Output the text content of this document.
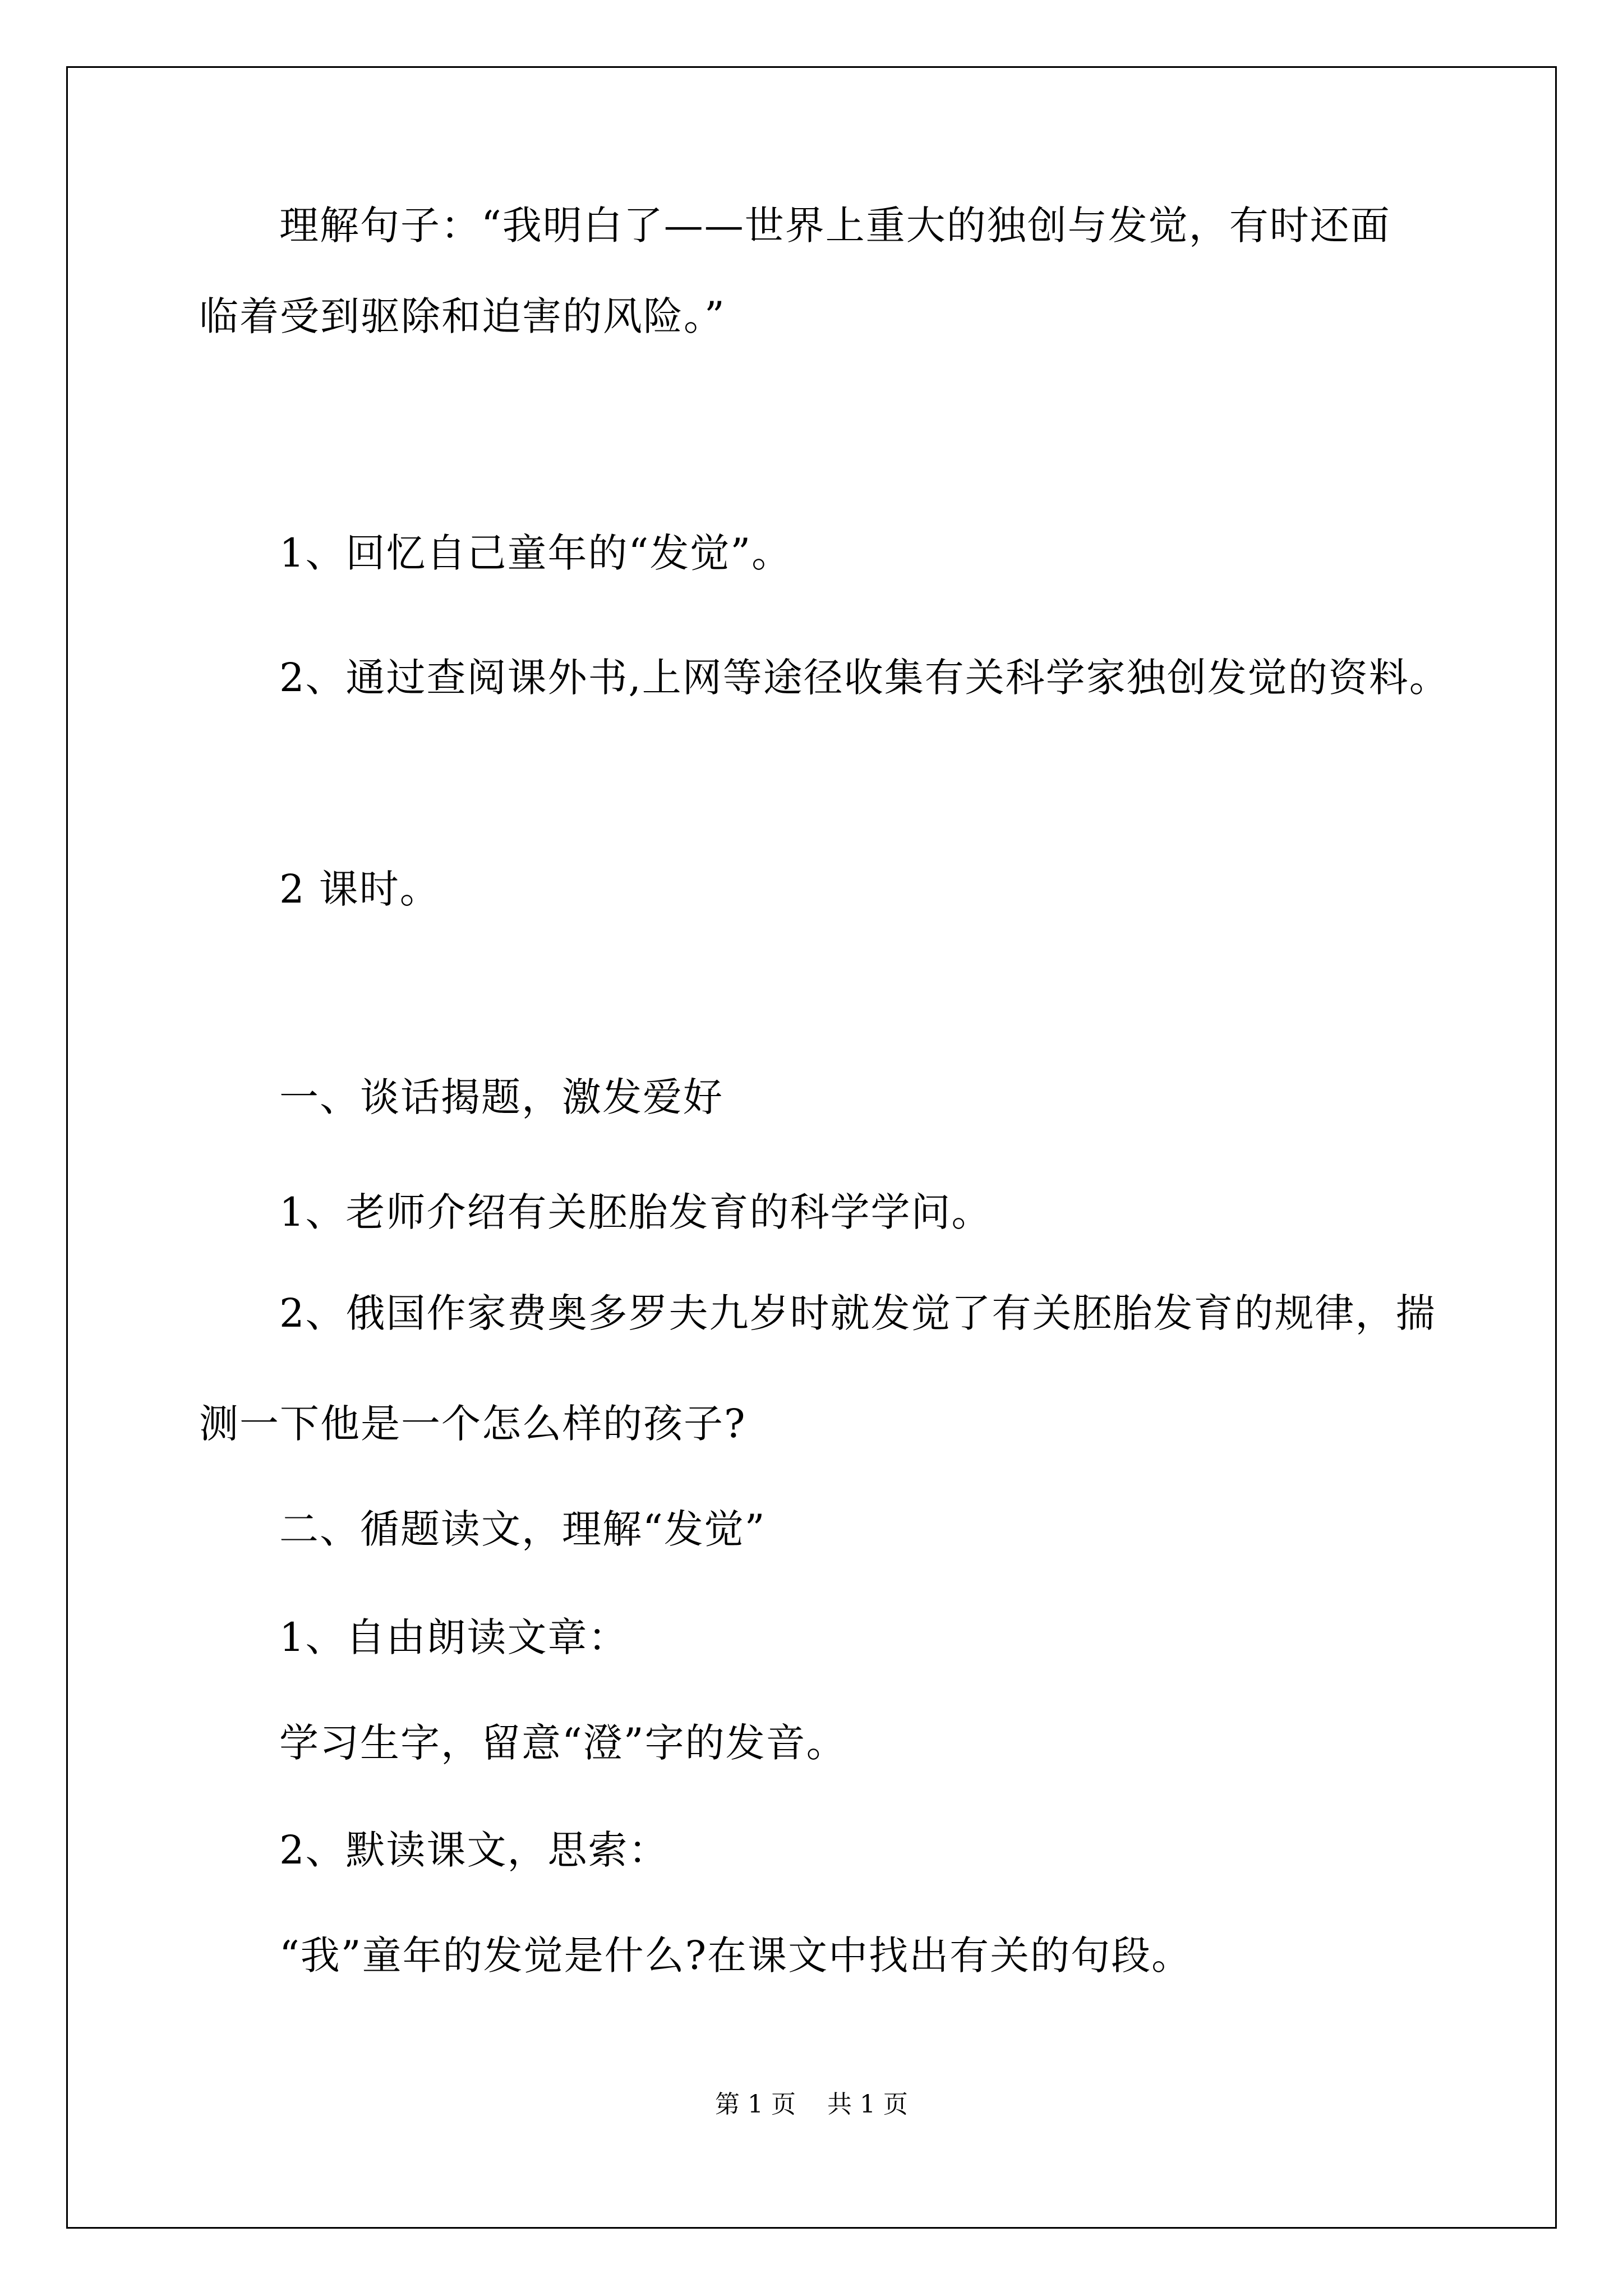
理解句子：“我明白了——世界上重大的独创与发觉，有时还面
临着受到驱除和迫害的风险。”
1、回忆自己童年的“发觉”。
2、通过查阅课外书,上网等途径收集有关科学家独创发觉的资料。
2 课时。
一、谈话揭题，激发爱好
1、老师介绍有关胚胎发育的科学学问。
2、俄国作家费奥多罗夫九岁时就发觉了有关胚胎发育的规律，揣
测一下他是一个怎么样的孩子?
二、循题读文，理解“发觉”
1、自由朗读文章：
学习生字，留意“澄”字的发音。
2、默读课文，思索：
“我”童年的发觉是什么?在课文中找出有关的句段。
第 1 页    共 1 页
